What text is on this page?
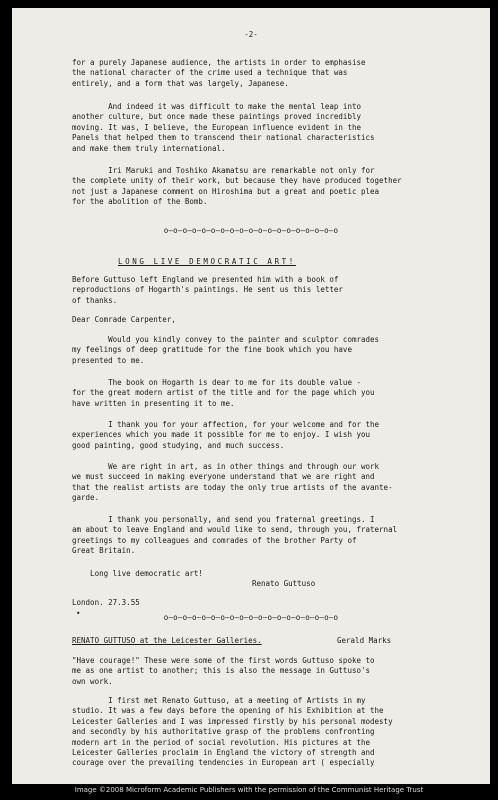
-2-
for a purely Japanese audience, the artists in order to emphasise
the national character of the crime used a technique that was
entirely, and a form that was largely, Japanese.
And indeed it was difficult to make the mental leap into
another culture, but once made these paintings proved incredibly
moving. It was, I believe, the European influence evident in the
Panels that helped them to transcend their national characteristics
and make them truly international.
Iri Maruki and Toshiko Akamatsu are remarkable not only for
the complete unity of their work, but because they have produced together
not just a Japanese comment on Hiroshima but a great and poetic plea
for the abolition of the Bomb.
o—o—o—o—o—o—o—o—o—o—o—o—o—o—o—o—o—o—o
LONG LIVE DEMOCRATIC ART!
Before Guttuso left England we presented him with a book of
reproductions of Hogarth's paintings. He sent us this letter
of thanks.
Dear Comrade Carpenter,
Would you kindly convey to the painter and sculptor comrades
my feelings of deep gratitude for the fine book which you have
presented to me.
The book on Hogarth is dear to me for its double value -
for the great modern artist of the title and for the page which you
have written in presenting it to me.
I thank you for your affection, for your welcome and for the
experiences which you made it possible for me to enjoy. I wish you
good painting, good studying, and much success.
We are right in art, as in other things and through our work
we must succeed in making everyone understand that we are right and
that the realist artists are today the only true artists of the avante-
garde.
I thank you personally, and send you fraternal greetings. I
am about to leave England and would like to send, through you, fraternal
greetings to my colleagues and comrades of the brother Party of
Great Britain.
Long live democratic art!
Renato Guttuso
London. 27.3.55
•	o—o—o—o—o—o—o—o—o—o—o—o—o—o—o—o—o—o—o
RENATO GUTTUSO at the Leicester Galleries.	Gerald Marks
"Have courage!" These were some of the first words Guttuso spoke to
me as one artist to another; this is also the message in Guttuso's
own work.
I first met Renato Guttuso, at a meeting of Artists in my
studio. It was a few days before the opening of his Exhibition at the
Leicester Galleries and I was impressed firstly by his personal modesty
and secondly by his authoritative grasp of the problems confronting
modern art in the period of social revolution. His pictures at the
Leicester Galleries proclaim in England the victory of strength and
courage over the prevailing tendencies in European art ( especially
Image ©2008 Microform Academic Publishers with the permission of the Communist Heritage Trust
